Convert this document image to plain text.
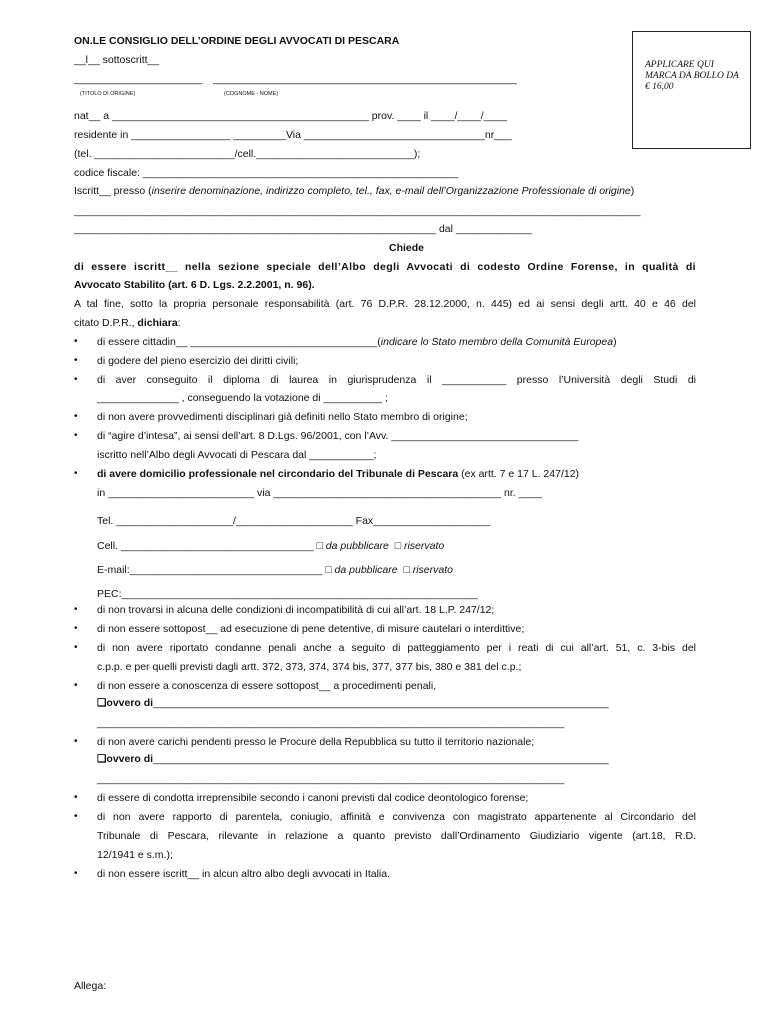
ON.LE CONSIGLIO DELL’ORDINE DEGLI AVVOCATI DI PESCARA
__l__ sottoscritt__
______________________ ____________________________________________________
(TITOLO DI ORIGINE)	(COGNOME - NOME)
APPLICARE QUI MARCA DA BOLLO DA € 16,00
nat__ a ____________________________________________ prov. ____ il ____/____/____
residente in _________________ _________Via _______________________________nr___
(tel. ________________________/cell.___________________________);
codice fiscale: ______________________________________________________
Iscritt__ presso (inserire denominazione, indirizzo completo, tel., fax, e-mail dell’Organizzazione Professionale di origine)
_________________________________________________________________________________________________
______________________________________________________________ dal _____________
Chiede
di essere iscritt__ nella sezione speciale dell’Albo degli Avvocati di codesto Ordine Forense, in qualità di
Avvocato Stabilito (art. 6 D. Lgs. 2.2.2001, n. 96).
A tal fine, sotto la propria personale responsabilità (art. 76 D.P.R. 28.12.2000, n. 445) ed ai sensi degli artt. 40 e 46 del
citato D.P.R., dichiara:
• di essere cittadin__ ________________________________(indicare lo Stato membro della Comunità Europea)
• di godere del pieno esercizio dei diritti civili;
• di aver conseguito il diploma di laurea in giurisprudenza il ___________ presso l’Università degli Studi di
______________ , conseguendo la votazione di __________ ;
• di non avere provvedimenti disciplinari già definiti nello Stato membro di origine;
• di “agire d’intesa”, ai sensi dell’art. 8 D.Lgs. 96/2001, con l’Avv. ________________________________
iscritto nell’Albo degli Avvocati di Pescara dal ___________;
• di avere domicilio professionale nel circondario del Tribunale di Pescara (ex artt. 7 e 17 L. 247/12)
in _________________________ via _______________________________________ nr. ____
Tel. ____________________/____________________ Fax____________________
Cell. _________________________________ □ da pubblicare □ riservato
E-mail:_________________________________ □ da pubblicare □ riservato
PEC:_____________________________________________________________
• di non trovarsi in alcuna delle condizioni di incompatibilità di cui all’art. 18 L.P. 247/12;
• di non essere sottopost__ ad esecuzione di pene detentive, di misure cautelari o interdittive;
• di non avere riportato condanne penali anche a seguito di patteggiamento per i reati di cui all’art. 51, c. 3-bis del
c.p.p. e per quelli previsti dagli artt. 372, 373, 374, 374 bis, 377, 377 bis, 380 e 381 del c.p.;
• di non essere a conoscenza di essere sottopost__ a procedimenti penali,
❑ovvero di______________________________________________________________________________
________________________________________________________________________________
• di non avere carichi pendenti presso le Procure della Repubblica su tutto il territorio nazionale;
❑ovvero di______________________________________________________________________________
________________________________________________________________________________
• di essere di condotta irreprensibile secondo i canoni previsti dal codice deontologico forense;
• di non avere rapporto di parentela, coniugio, affinità e convivenza con magistrato appartenente al Circondario del
Tribunale di Pescara, rilevante in relazione a quanto previsto dall’Ordinamento Giudiziario vigente (art.18, R.D.
12/1941 e s.m.);
• di non essere iscritt__ in alcun altro albo degli avvocati in Italia.
Allega:
